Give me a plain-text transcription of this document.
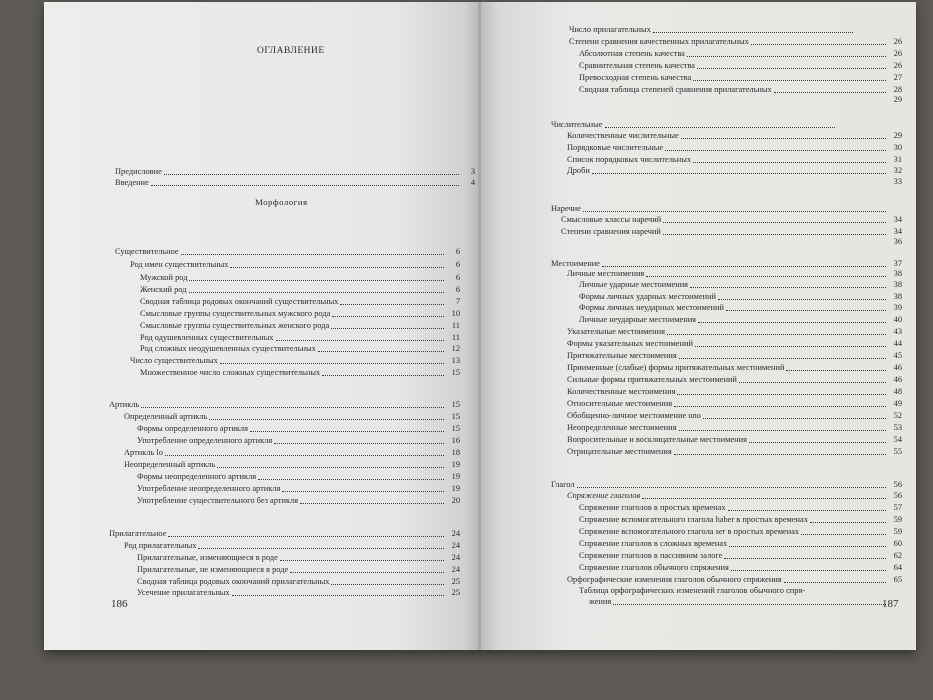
ОГЛАВЛЕНИЕ
Предисловие	3
Введение	4
Морфология
Существительное	6
Род имен существительных	6
Мужской род	6
Женский род	6
Сводная таблица родовых окончаний существительных	7
Смысловые группы существительных мужского рода	10
Смысловые группы существительных женского рода	11
Род одушевленных существительных	11
Род сложных неодушевленных существительных	12
Число существительных	13
Множественное число сложных существительных	15
Артикль	15
Определенный артикль	15
Формы определенного артикля	15
Употребление определенного артикля	16
Артикль lo	18
Неопределенный артикль	19
Формы неопределенного артикля	19
Употребление неопределенного артикля	19
Употребление существительного без артикля	20
Прилагательное	24
Род прилагательных	24
Прилагательные, изменяющиеся в роде	24
Прилагательные, не изменяющиеся в роде	24
Сводная таблица родовых окончаний прилагательных	25
Усечение прилагательных	25
186
Число прилагательных
Степени сравнения качественных прилагательных	26
Абсолютная степень качества	26
Сравнительная степень качества	26
Превосходная степень качества	27
Сводная таблица степеней сравнения прилагательных	28
29
Числительные
Количественные числительные	29
Порядковые числительные	30
Список порядковых числительных	31
Дроби	32
33
Наречие
Смысловые классы наречий	34
Степени сравнения наречий	34
36
Местоимение	37
Личные местоимения	38
Личные ударные местоимения	38
Формы личных ударных местоимений	38
Формы личных неударных местоимений	39
Личные неударные местоимения	40
Указательные местоимения	43
Формы указательных местоимений	44
Притяжательные местоимения	45
Приименные (слабые) формы притяжательных местоимений	46
Сильные формы притяжательных местоимений	46
Количественные местоимения	48
Относительные местоимения	49
Обобщенно-личное местоимение uno	52
Неопределенные местоимения	53
Вопросительные и восклицательные местоимения	54
Отрицательные местоимения	55
Глагол	56
Спряжение глаголов	56
Спряжение глаголов в простых временах	57
Спряжение вспомогательного глагола haber в простых временах	59
Спряжение вспомогательного глагола ser в простых временах	59
Спряжение глаголов в сложных временах	60
Спряжение глаголов в пассивном залоге	62
Спряжение глаголов обычного спряжения	64
Орфографические изменения глаголов обычного спряжения	65
Таблица орфографических изменений глаголов обычного спря-
жения	187
